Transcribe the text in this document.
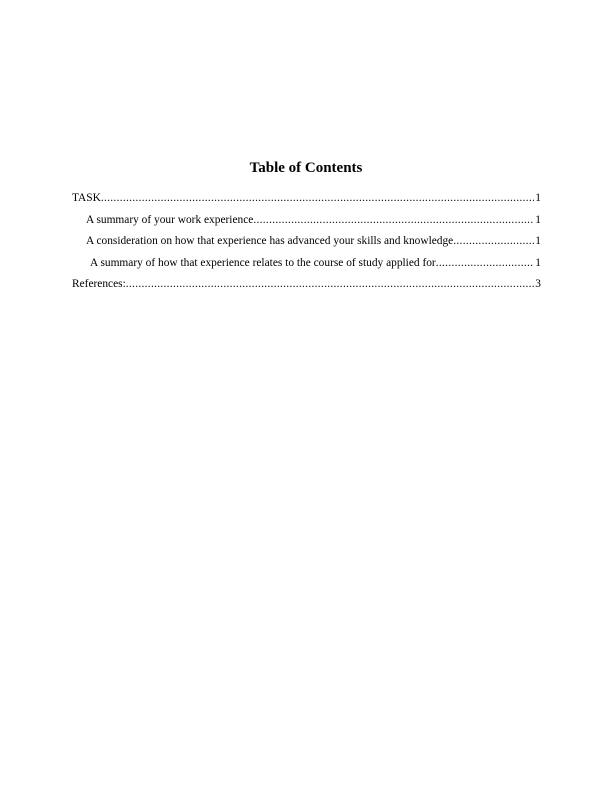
Table of Contents
TASK .....	1
A summary of your work experience .....	1
A consideration on how that experience has advanced your skills and knowledge .....	1
A summary of how that experience relates to the course of study applied for .....	1
References: .....	3
